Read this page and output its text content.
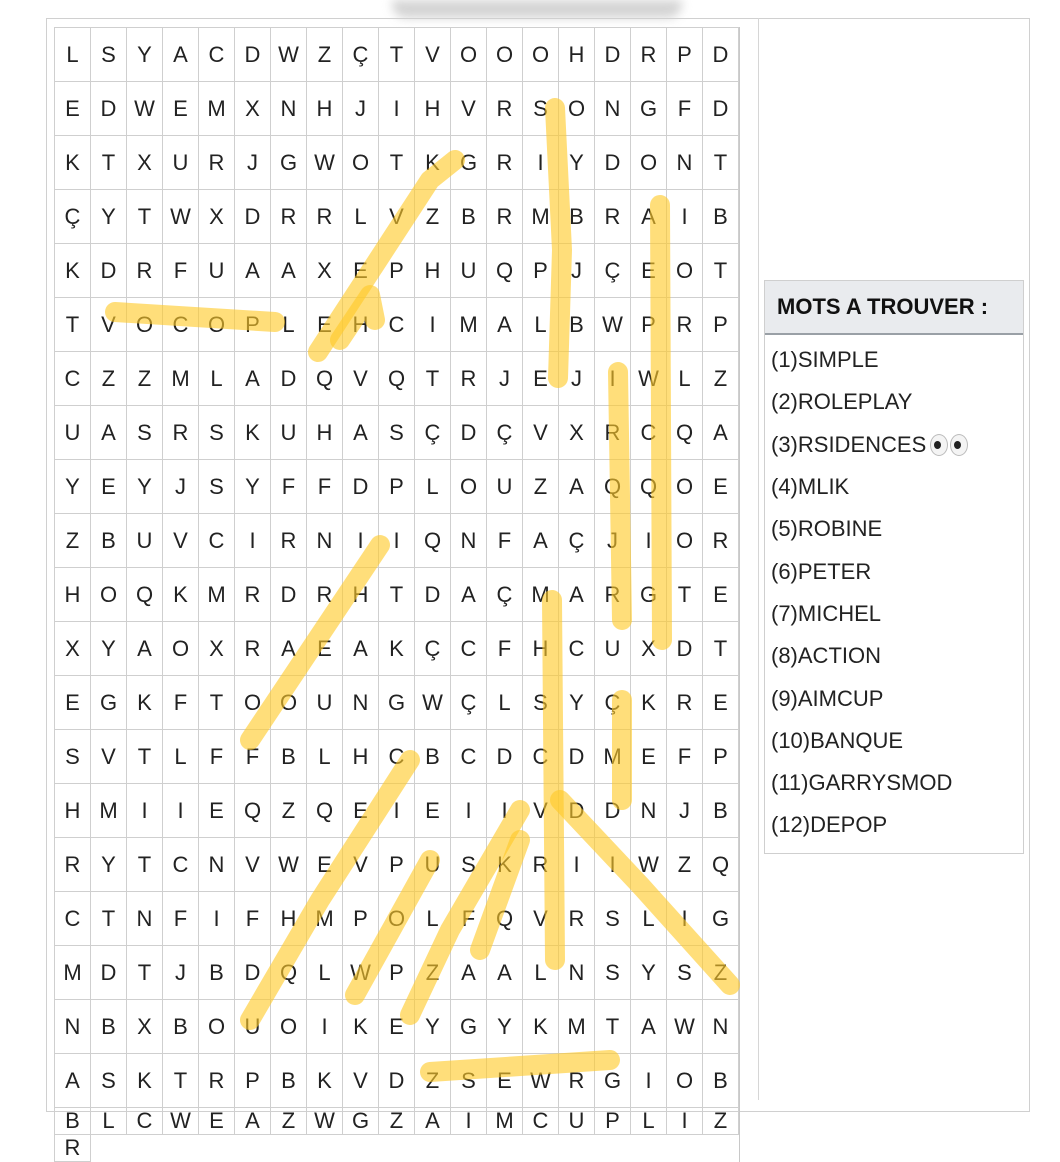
L	S Y A C D W Z Ç T V O O O H D R P D
E D W E M X N H	J	I	H V R S O N G F D
K T X U R	J G W O T K G R	I	Y D O N T
Ç Y T W X D R R L	V Z B R M B R A	I	B
K D R F U A A X E P H U Q P	J	Ç E O T
T V O C O P	L	E H C	I	M A	L	B W P R P
C Z	Z M L	A D Q V Q T R	J	E	J	I	W L	Z
U A S R S K U H A S Ç D Ç V X R C Q A
Y E Y	J	S Y F	F D P	L O U Z A Q Q O E
Z B U V C	I	R N	I	I	Q N F A Ç	J	I	O R
H O Q K M R D R H T D A Ç M A R G T E
X Y A O X R A E A K Ç C F H C U X D T
E G K F	T O O U N G W Ç L	S Y Ç K R E
S V T	L	F	F B	L H C B C D C D M E F P
H M	I	I	E Q Z Q E	I	E	I	I	V D D N	J	B
R Y T C N V W E V P U S K R	I	I	W Z Q
C T N F	I	F H M P O L	F Q V R S	L	I	G
M D T	J	B D Q L W P Z A A	L N S Y S Z
N B X B O U O	I	K E Y G Y K M T A W N
A S K T R P B K V D Z S E W R G	I	O B
B	L C W E A Z W G Z A	I	M C U P	L	I	Z
R
MOTS A TROUVER :
(1)SIMPLE
(2)ROLEPLAY
(3)RSIDENCES
(4)MLIK
(5)ROBINE
(6)PETER
(7)MICHEL
(8)ACTION
(9)AIMCUP
(10)BANQUE
(11)GARRYSMOD
(12)DEPOP
